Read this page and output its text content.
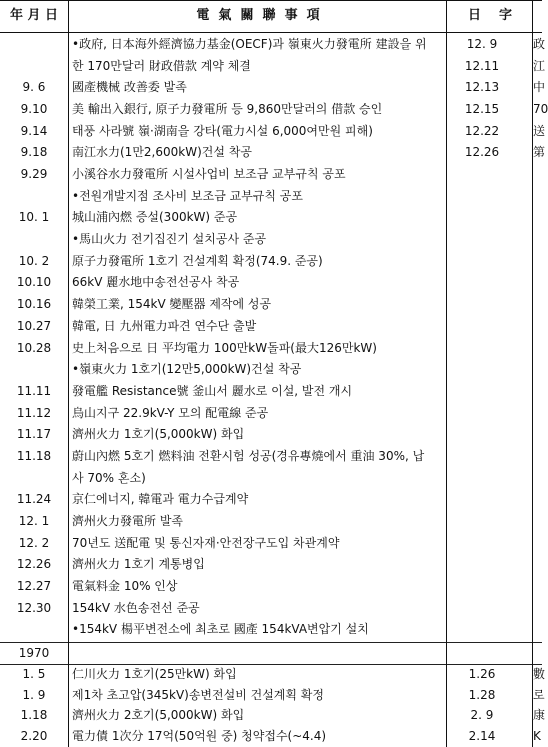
年 月 日	電  氣  關  聯  事  項	日    字
•政府, 日本海外經濟協力基金(OECF)과 嶺東火力發電所 建設을 위	12. 9	政
한 170만달러 財政借款 계약 체결	12.11	江
9. 6	國產機械 改善委 발족	12.13	中
9.10	美 輸出入銀行, 原子力發電所 등 9,860만달러의 借款 승인	12.15	70
9.14	태풍 사라號 嶺·湖南을 강타(電力시설 6,000여만원 피해)	12.22	送
9.18	南江水力(1만2,600kW)건설 착공	12.26	第
9.29	小溪谷水力發電所 시설사업비 보조금 교부규칙 공포
•전원개발지점 조사비 보조금 교부규칙 공포
10. 1	城山浦內燃 증설(300kW) 준공
•馬山火力 전기집진기 설치공사 준공
10. 2	原子力發電所 1호기 건설계획 확정(74.9. 준공)
10.10	66kV 麗水地中송전선공사 착공
10.16	韓榮工業, 154kV 變壓器 제작에 성공
10.27	韓電, 日 九州電力파견 연수단 출발
10.28	史上처음으로 日 平均電力 100만kW돌파(最大126만kW)
•嶺東火力 1호기(12만5,000kW)건설 착공
11.11	發電艦 Resistance號 釜山서 麗水로 이설, 발전 개시
11.12	烏山지구 22.9kV-Y 모의 配電線 준공
11.17	濟州火力 1호기(5,000kW) 화입
11.18	蔚山內燃 5호기 燃料油 전환시험 성공(경유專燒에서 重油 30%, 납
사 70% 혼소)
11.24	京仁에너지, 韓電과 電力수급계약
12. 1	濟州火力發電所 발족
12. 2	70년도 送配電 및 통신자재·안전장구도입 차관계약
12.26	濟州火力 1호기 계통병입
12.27	電氣料金 10% 인상
12.30	154kV 水色송전선 준공
•154kV 楊平변전소에 최초로 國產 154kVA변압기 설치
1970
1. 5	仁川火力 1호기(25만kW) 화입	1.26	數
1. 9	제1차 초고압(345kV)송변전설비 건설계획 확정	1.28	로
1.18	濟州火力 2호기(5,000kW) 화입	2. 9	康
2.20	電力債 1次分 17억(50억원 중) 청약접수(~4.4)	2.14	K
